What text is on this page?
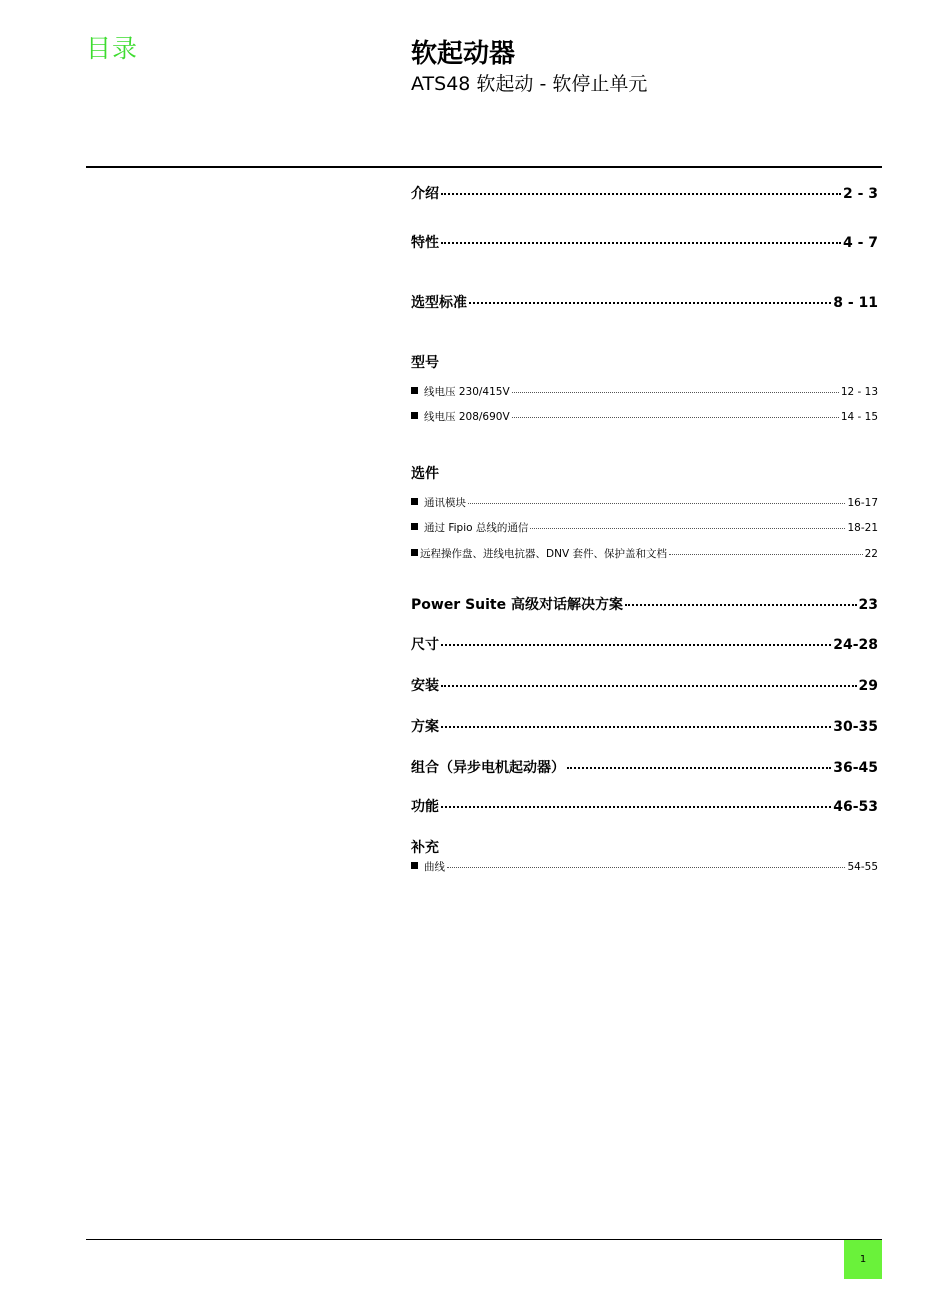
目录	软起动器
ATS48 软起动 - 软停止单元
介绍	2 - 3
特性	4 - 7
选型标准	8 - 11
型号
线电压 230/415V	12 - 13
线电压 208/690V	14 - 15
选件
通讯模块	16-17
通过 Fipio 总线的通信	18-21
远程操作盘、进线电抗器、DNV 套件、保护盖和文档	22
Power Suite 高级对话解决方案	23
尺寸	24-28
安装	29
方案	30-35
组合（异步电机起动器）	36-45
功能	46-53
补充
曲线	54-55
1
